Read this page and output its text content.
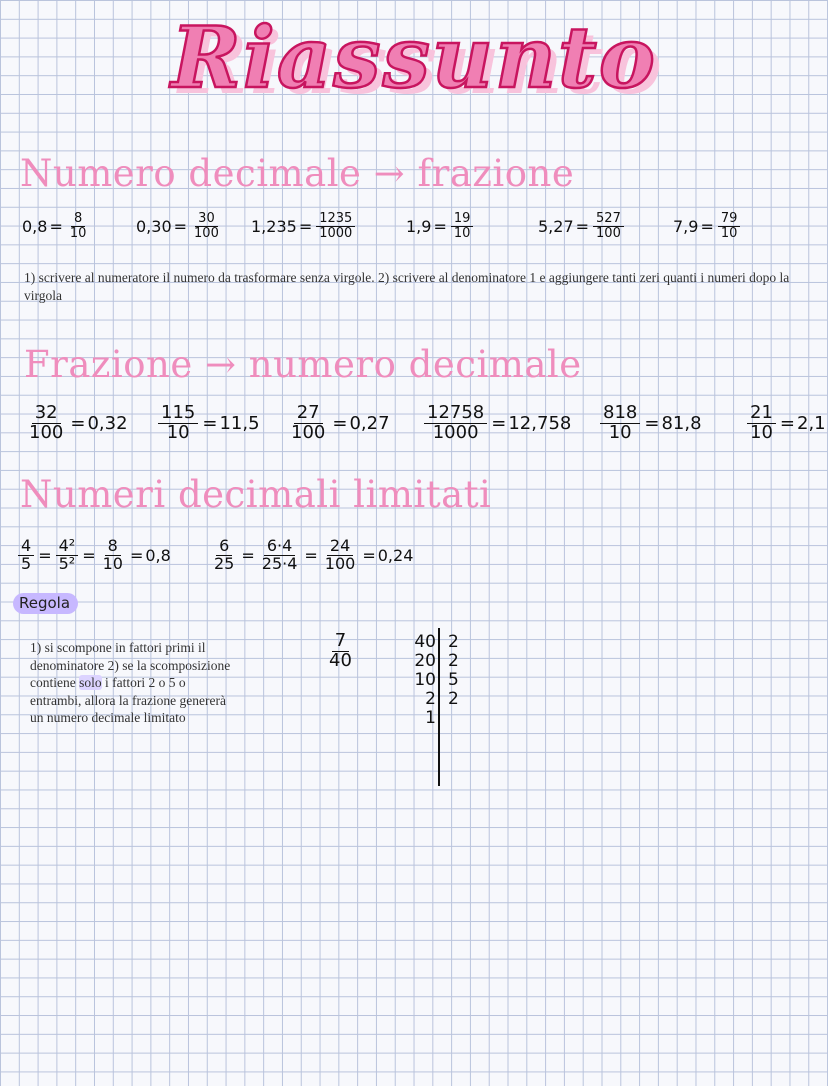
Riassunto
Numero decimale → frazione
$0,8 = \frac{8}{10}$	$0,30 = \frac{30}{100} 1,235 = \frac{1235}{1000}$	$1,9 = \frac{19}{10}$	$5,27 = \frac{527}{100}$	$7,9 = \frac{79}{10}$
1) scrivere al numeratore il numero da trasformare senza virgole. 2) scrivere al denominatore 1 e aggiungere tanti zeri quanti i numeri dopo la virgola
Frazione → numero decimale
$\frac{32}{100} = 0,32 \frac{115}{10} = 11,5 \frac{27}{100} = 0,27 \frac{12758}{1000} = 12,758 \frac{818}{10} = 81,8$	$\frac{21}{10} = 2,1$
Numeri decimali limitati
$\frac{4}{5} = \frac{\text{4²}}{\text{5²}} = \frac{8}{10} = 0,8$	$\frac{6}{25} = \frac{6\cdot 4}{25\cdot 4} = \frac{24}{100} = 0,24$
Regola
1) si scompone in fattori primi il denominatore 2) se la scomposizione contiene solo i fattori 2 o 5 o entrambi, allora la frazione genererà un numero decimale limitato
$\frac{7}{40}$	40 2
20 2
10 5
2 2
1
